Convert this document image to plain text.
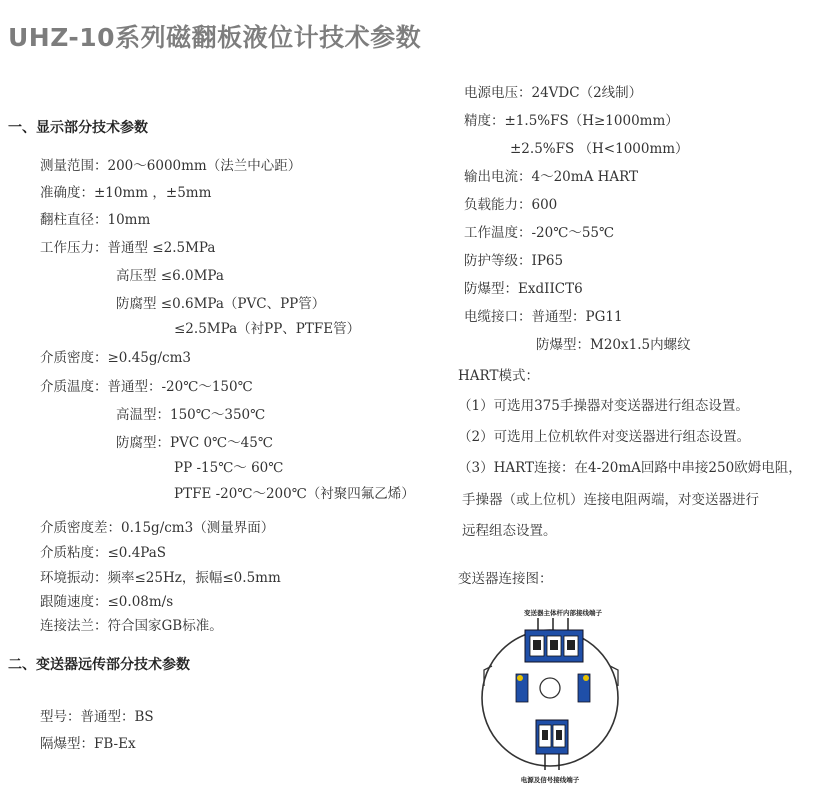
UHZ-10系列磁翻板液位计技术参数
一、显示部分技术参数
测量范围：200～6000mm（法兰中心距）
准确度：±10mm ，±5mm
翻柱直径：10mm
工作压力：普通型 ≤2.5MPa
高压型 ≤6.0MPa
防腐型 ≤0.6MPa（PVC、PP管）
≤2.5MPa（衬PP、PTFE管）
介质密度：≥0.45g/cm3
介质温度：普通型：-20℃～150℃
高温型：150℃～350℃
防腐型：PVC 0℃～45℃
PP -15℃～ 60℃
PTFE -20℃～200℃（衬聚四氟乙烯）
介质密度差：0.15g/cm3（测量界面）
介质粘度：≤0.4PaS
环境振动：频率≤25Hz，振幅≤0.5mm
跟随速度：≤0.08m/s
连接法兰：符合国家GB标准。
二、变送器远传部分技术参数
型号：普通型：BS
隔爆型：FB-Ex
电源电压：24VDC（2线制）
精度：±1.5%FS（H≥1000mm）
±2.5%FS （H<1000mm）
输出电流：4～20mA HART
负载能力：600
工作温度：-20℃～55℃
防护等级：IP65
防爆型：ExdIICT6
电缆接口：普通型：PG11
防爆型：M20x1.5内螺纹
HART模式：
（1）可选用375手操器对变送器进行组态设置。
（2）可选用上位机软件对变送器进行组态设置。
（3）HART连接：在4-20mA回路中串接250欧姆电阻，
手操器（或上位机）连接电阻两端，对变送器进行
远程组态设置。
变送器连接图：
变送器主体杆内部接线端子
电源及信号接线端子
